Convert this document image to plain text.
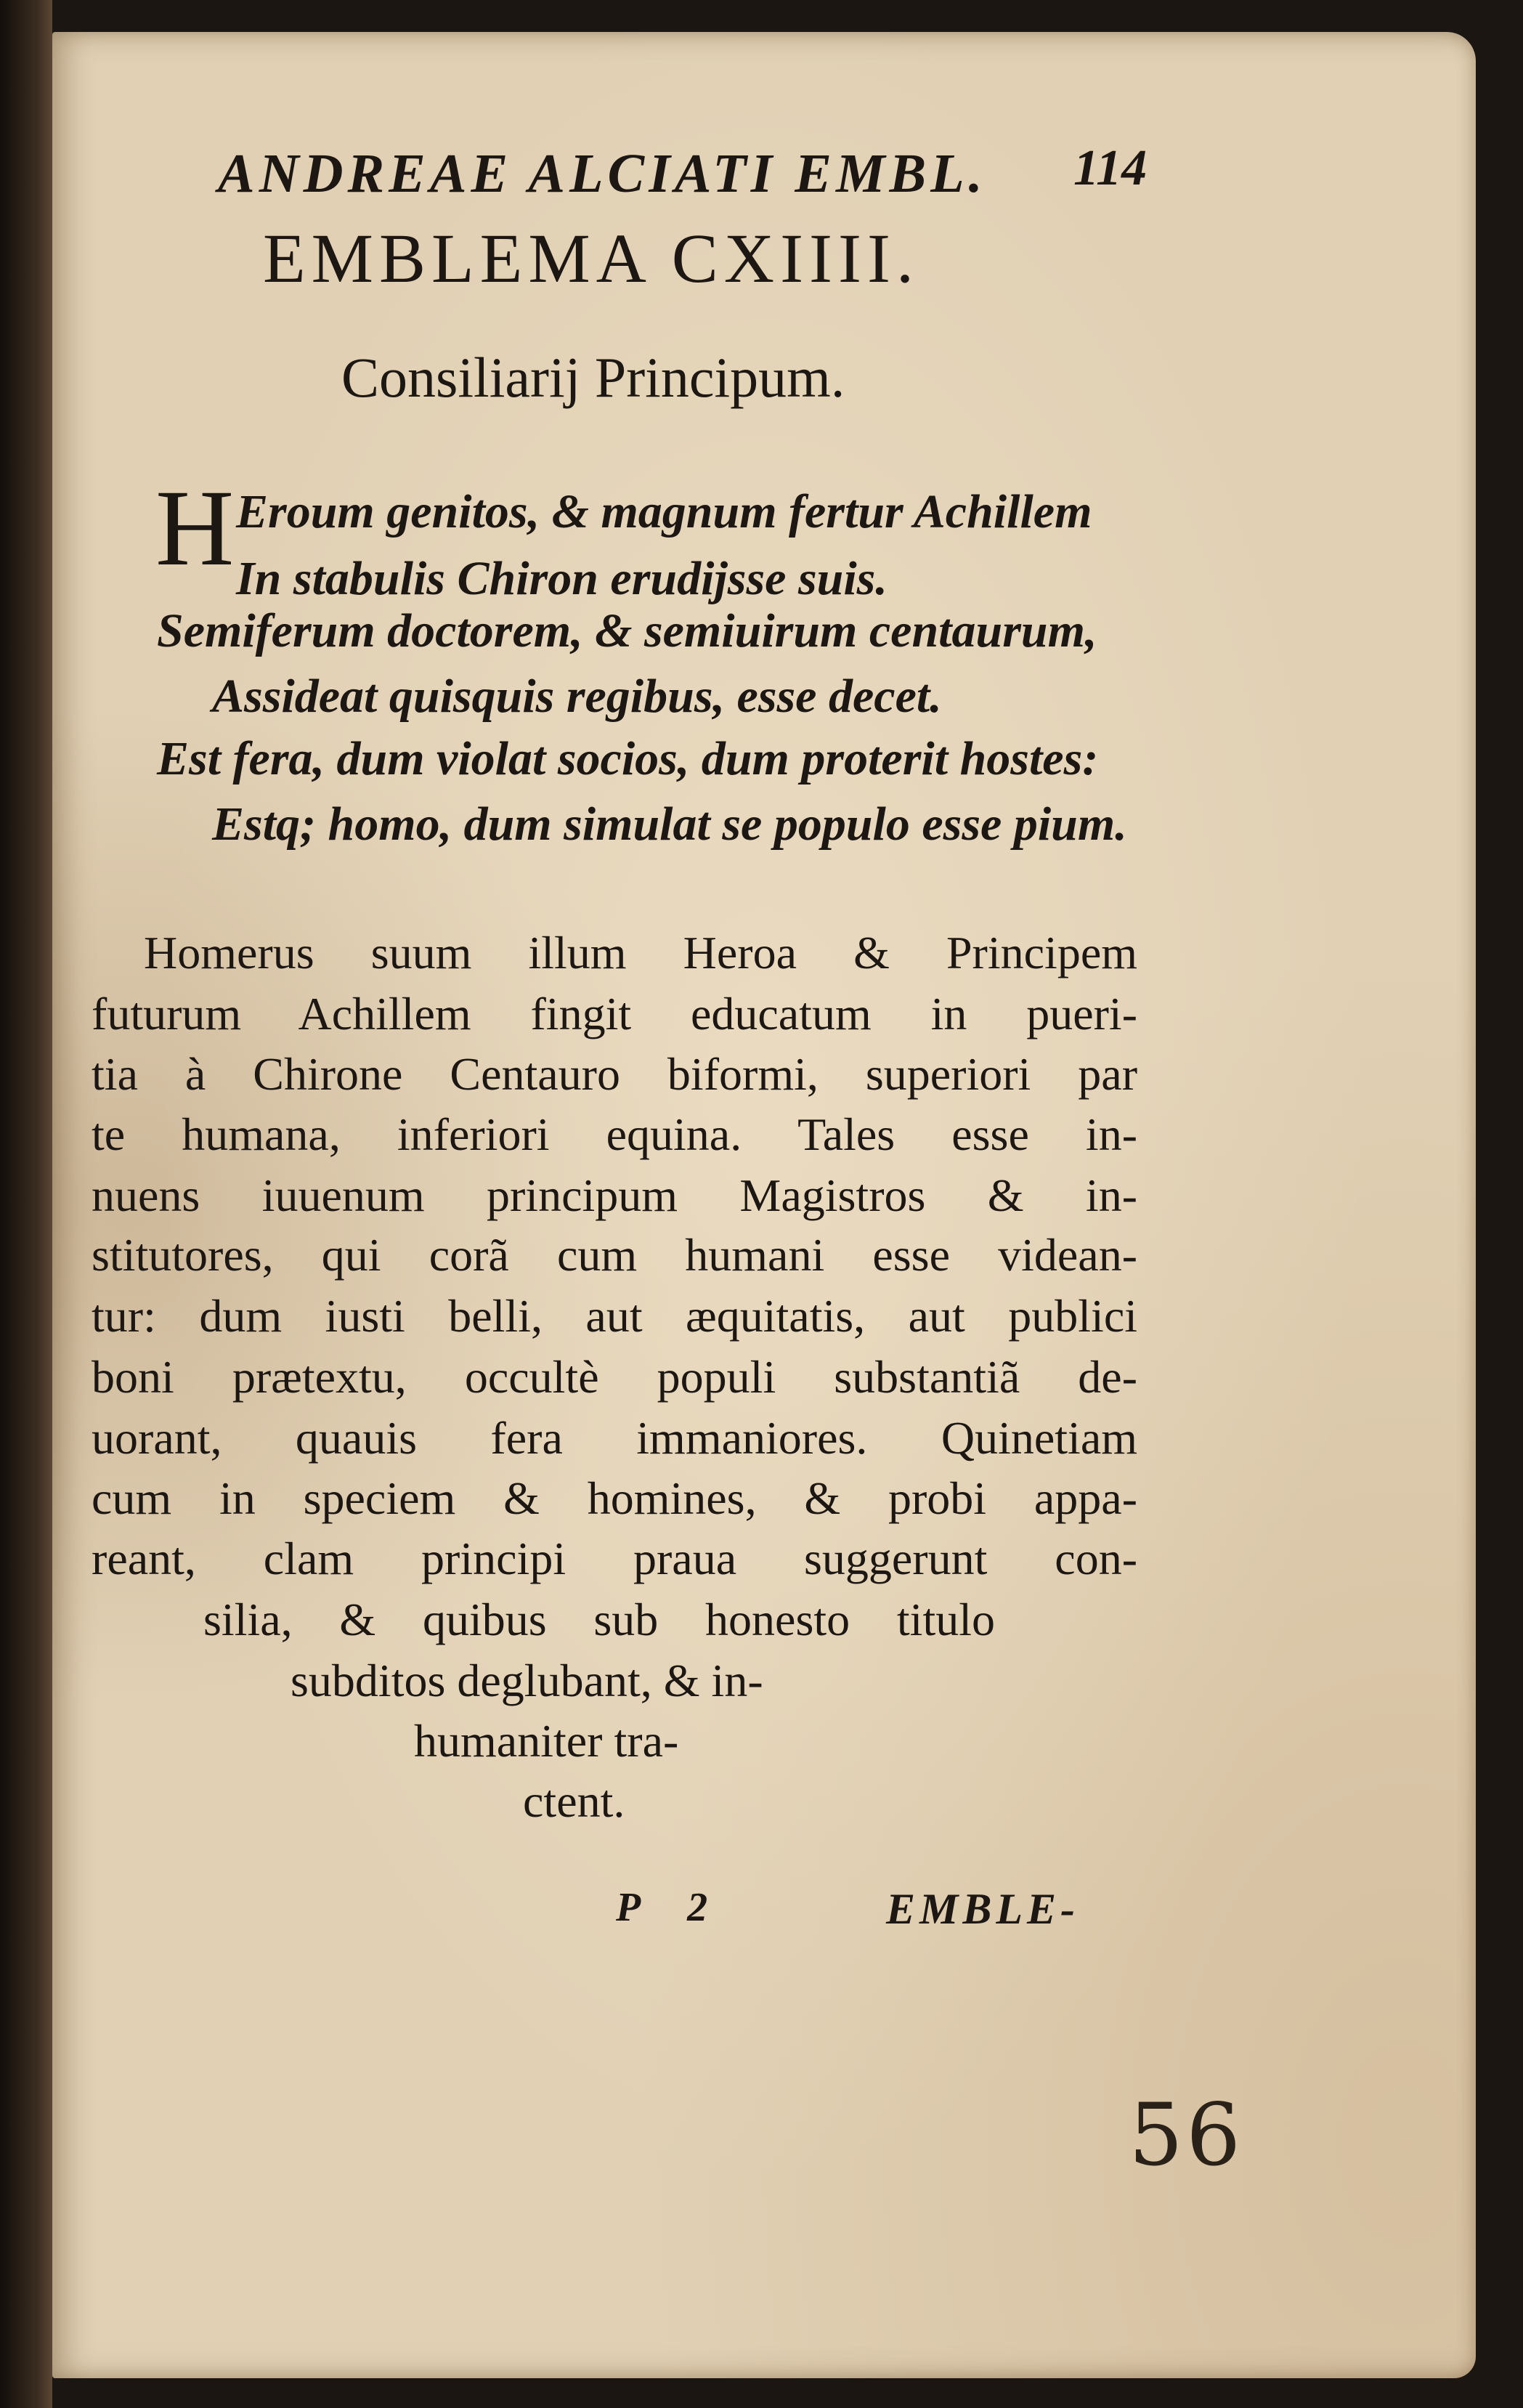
ANDREAE ALCIATI EMBL. 114
EMBLEMA CXIIII.
Consiliarij Principum.
H Eroum genitos, & magnum fertur Achillem
In stabulis Chiron erudijsse suis.
Semiferum doctorem, & semiuirum centaurum,
Assideat quisquis regibus, esse decet.
Est fera, dum violat socios, dum proterit hostes:
Estq; homo, dum simulat se populo esse pium.
Homerus suum illum Heroa & Principem
futurum Achillem fingit educatum in pueri-
tia à Chirone Centauro biformi, superiori par
te humana, inferiori equina. Tales esse in-
nuens iuuenum principum Magistros & in-
stitutores, qui corã cum humani esse videan-
tur: dum iusti belli, aut æquitatis, aut publici
boni prætextu, occultè populi substantiã de-
uorant, quauis fera immaniores. Quinetiam
cum in speciem & homines, & probi appa-
reant, clam principi praua suggerunt con-
silia, & quibus sub honesto titulo
subditos deglubant, & in-
humaniter tra-
ctent.
P 2	EMBLE-
56
